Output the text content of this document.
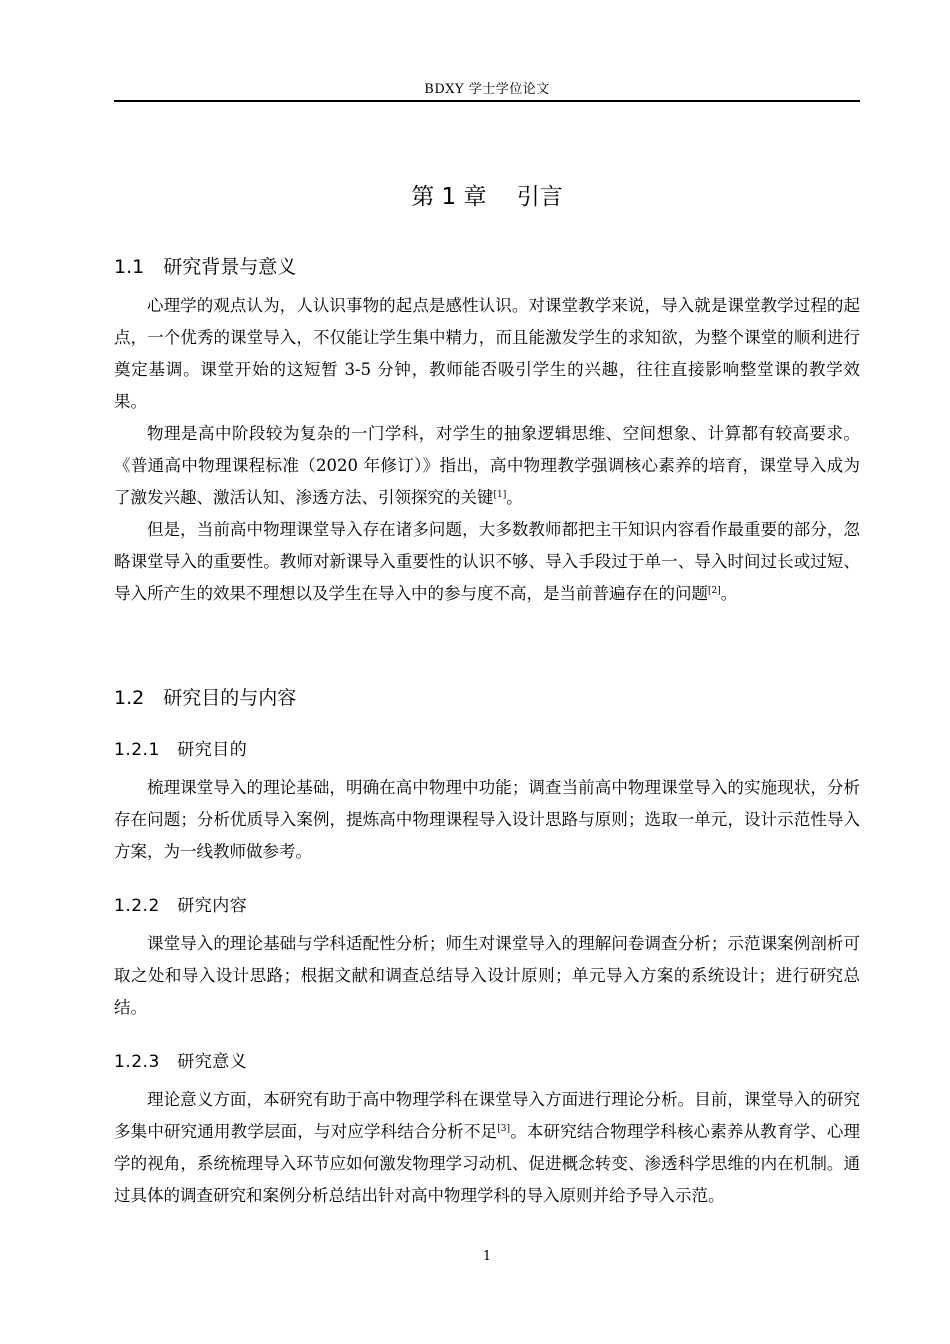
BDXY 学士学位论文
第 1 章　 引言
1.1　研究背景与意义

心理学的观点认为，人认识事物的起点是感性认识。对课堂教学来说，导入就是课堂教学过程的起点，一个优秀的课堂导入，不仅能让学生集中精力，而且能激发学生的求知欲，为整个课堂的顺利进行奠定基调。课堂开始的这短暂 3-5 分钟，教师能否吸引学生的兴趣，往往直接影响整堂课的教学效果。

物理是高中阶段较为复杂的一门学科，对学生的抽象逻辑思维、空间想象、计算都有较高要求。《普通高中物理课程标准（2020 年修订）》指出，高中物理教学强调核心素养的培育，课堂导入成为了激发兴趣、激活认知、渗透方法、引领探究的关键[1]。

但是，当前高中物理课堂导入存在诸多问题，大多数教师都把主干知识内容看作最重要的部分，忽略课堂导入的重要性。教师对新课导入重要性的认识不够、导入手段过于单一、导入时间过长或过短、导入所产生的效果不理想以及学生在导入中的参与度不高，是当前普遍存在的问题[2]。

1.2　研究目的与内容
1.2.1　研究目的

梳理课堂导入的理论基础，明确在高中物理中功能；调查当前高中物理课堂导入的实施现状，分析存在问题；分析优质导入案例，提炼高中物理课程导入设计思路与原则；选取一单元，设计示范性导入方案，为一线教师做参考。

1.2.2　研究内容

课堂导入的理论基础与学科适配性分析；师生对课堂导入的理解问卷调查分析；示范课案例剖析可取之处和导入设计思路；根据文献和调查总结导入设计原则；单元导入方案的系统设计；进行研究总结。

1.2.3　研究意义

理论意义方面，本研究有助于高中物理学科在课堂导入方面进行理论分析。目前，课堂导入的研究多集中研究通用教学层面，与对应学科结合分析不足[3]。本研究结合物理学科核心素养从教育学、心理学的视角，系统梳理导入环节应如何激发物理学习动机、促进概念转变、渗透科学思维的内在机制。通过具体的调查研究和案例分析总结出针对高中物理学科的导入原则并给予导入示范。

1
